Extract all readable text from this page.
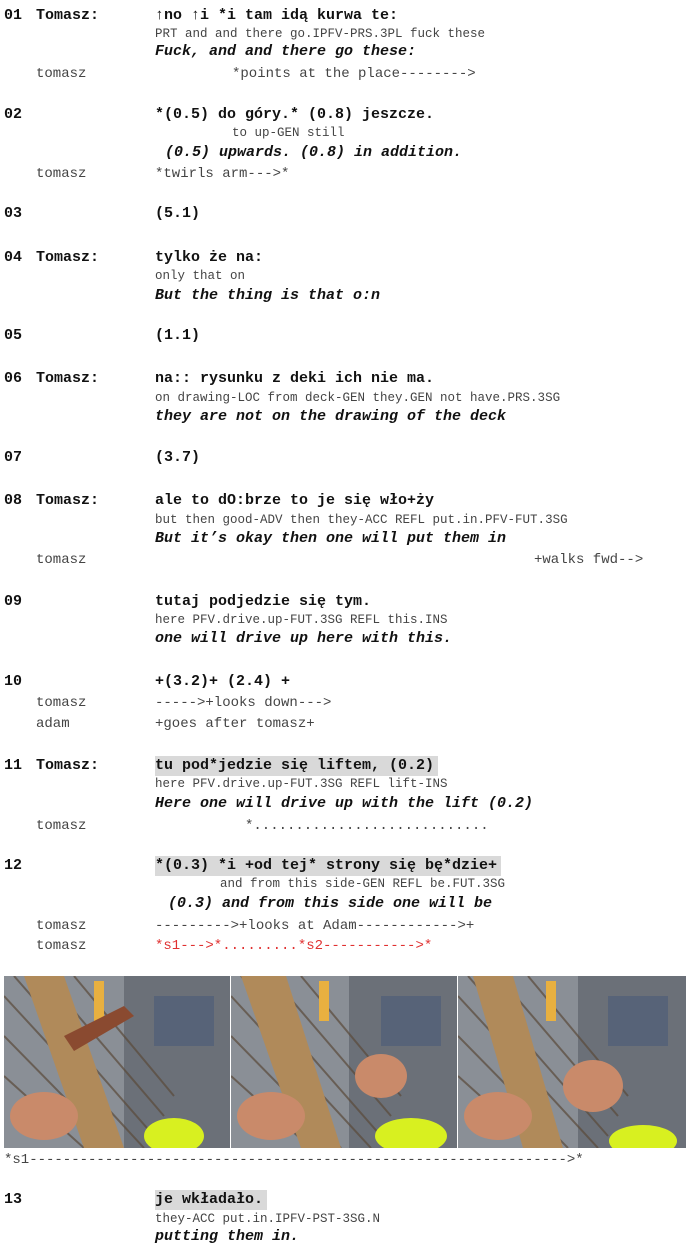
01 Tomasz:	↑no ↑i *i tam idą kurwa te:
PRT and and there go.IPFV-PRS.3PL fuck these
Fuck, and and there go these:
tomasz	*points at the place-------->
02	*(0.5) do góry.* (0.8) jeszcze.
to up-GEN still
(0.5) upwards. (0.8) in addition.
tomasz	*twirls arm--->*
03	(5.1)
04 Tomasz:	tylko że na:
only that on
But the thing is that o:n
05	(1.1)
06 Tomasz:	na:: rysunku z deki ich nie ma.
on drawing-LOC from deck-GEN they.GEN not have.PRS.3SG
they are not on the drawing of the deck
07	(3.7)
08 Tomasz:	ale to dO:brze to je się wło+ży
but then good-ADV then they-ACC REFL put.in.PFV-FUT.3SG
But it’s okay then one will put them in
tomasz	+walks fwd-->
09	tutaj podjedzie się tym.
here PFV.drive.up-FUT.3SG REFL this.INS
one will drive up here with this.
10	+(3.2)+ (2.4) +
tomasz	----->+looks down--->
adam	+goes after tomasz+
11 Tomasz:	tu pod*jedzie się liftem, (0.2)
here PFV.drive.up-FUT.3SG REFL lift-INS
Here one will drive up with the lift (0.2)
tomasz	*............................
12	*(0.3) *i +od tej* strony się bę*dzie+
and from this side-GEN REFL be.FUT.3SG
(0.3) and from this side one will be
tomasz	--------->+looks at Adam------------>+
tomasz	*s1--->*.........*s2----------->*
*s1---------------------------------------------------------------->*
13	je wkładało.
they-ACC put.in.IPFV-PST-3SG.N
putting them in.
